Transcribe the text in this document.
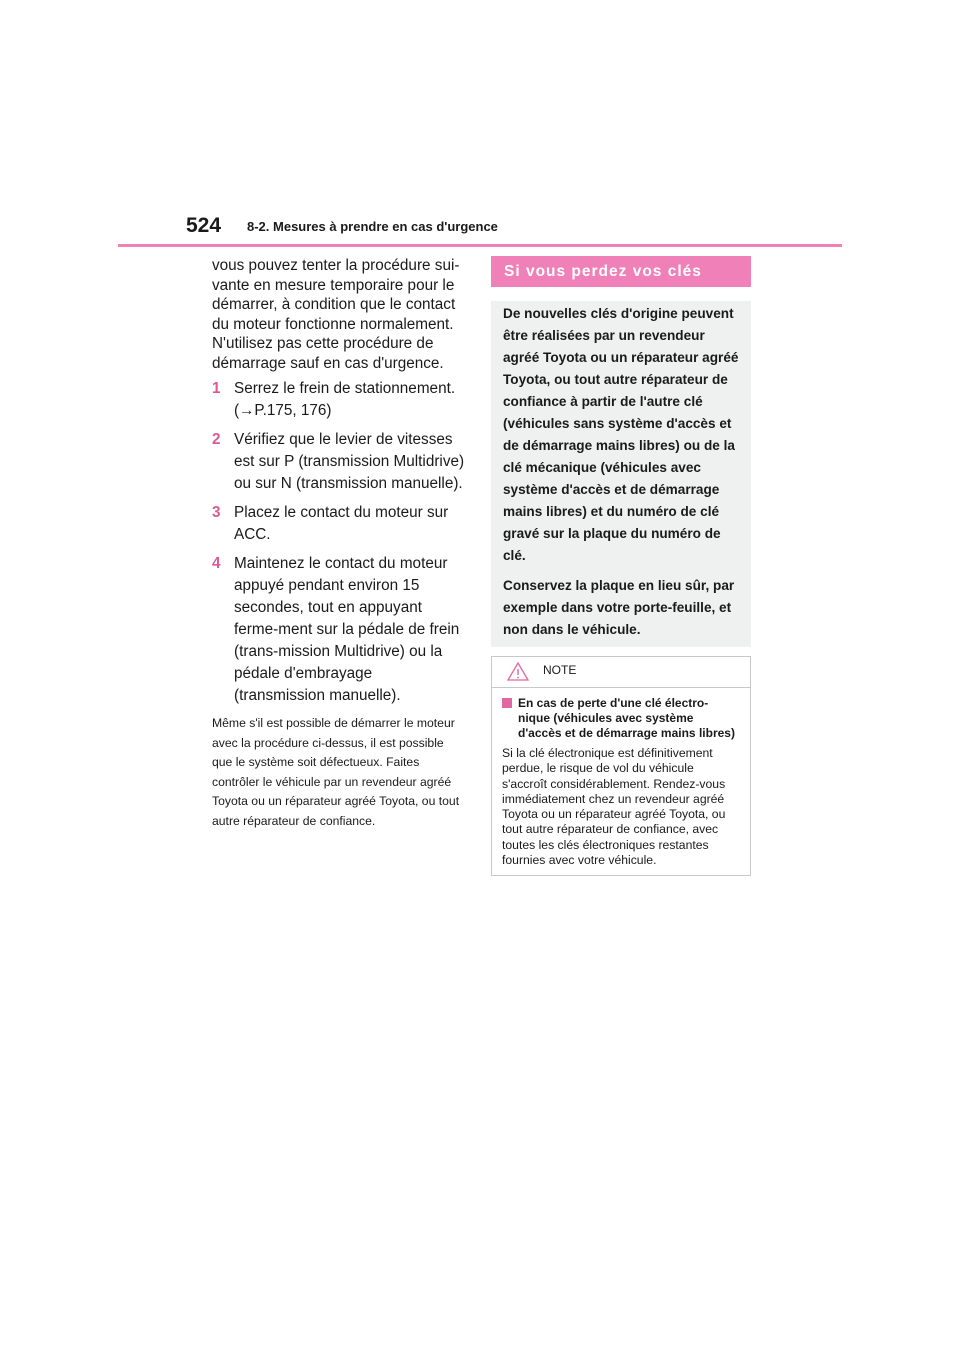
524 8-2. Mesures à prendre en cas d'urgence

vous pouvez tenter la procédure sui-vante en mesure temporaire pour le démarrer, à condition que le contact du moteur fonctionne normalement. N'utilisez pas cette procédure de démarrage sauf en cas d'urgence.

1 Serrez le frein de stationnement. (→P.175, 176)
2 Vérifiez que le levier de vitesses est sur P (transmission Multidrive) ou sur N (transmission manuelle).
3 Placez le contact du moteur sur ACC.
4 Maintenez le contact du moteur appuyé pendant environ 15 secondes, tout en appuyant ferme-ment sur la pédale de frein (trans-mission Multidrive) ou la pédale d'embrayage (transmission manuelle).

Même s'il est possible de démarrer le moteur avec la procédure ci-dessus, il est possible que le système soit défectueux. Faites contrôler le véhicule par un revendeur agréé Toyota ou un réparateur agréé Toyota, ou tout autre réparateur de confiance.

Si vous perdez vos clés

De nouvelles clés d'origine peuvent être réalisées par un revendeur agréé Toyota ou un réparateur agréé Toyota, ou tout autre réparateur de confiance à partir de l'autre clé (véhicules sans système d'accès et de démarrage mains libres) ou de la clé mécanique (véhicules avec système d'accès et de démarrage mains libres) et du numéro de clé gravé sur la plaque du numéro de clé.

Conservez la plaque en lieu sûr, par exemple dans votre porte-feuille, et non dans le véhicule.

NOTE

En cas de perte d'une clé électro-nique (véhicules avec système d'accès et de démarrage mains libres)

Si la clé électronique est définitivement perdue, le risque de vol du véhicule s'accroît considérablement. Rendez-vous immédiatement chez un revendeur agréé Toyota ou un réparateur agréé Toyota, ou tout autre réparateur de confiance, avec toutes les clés électroniques restantes fournies avec votre véhicule.
